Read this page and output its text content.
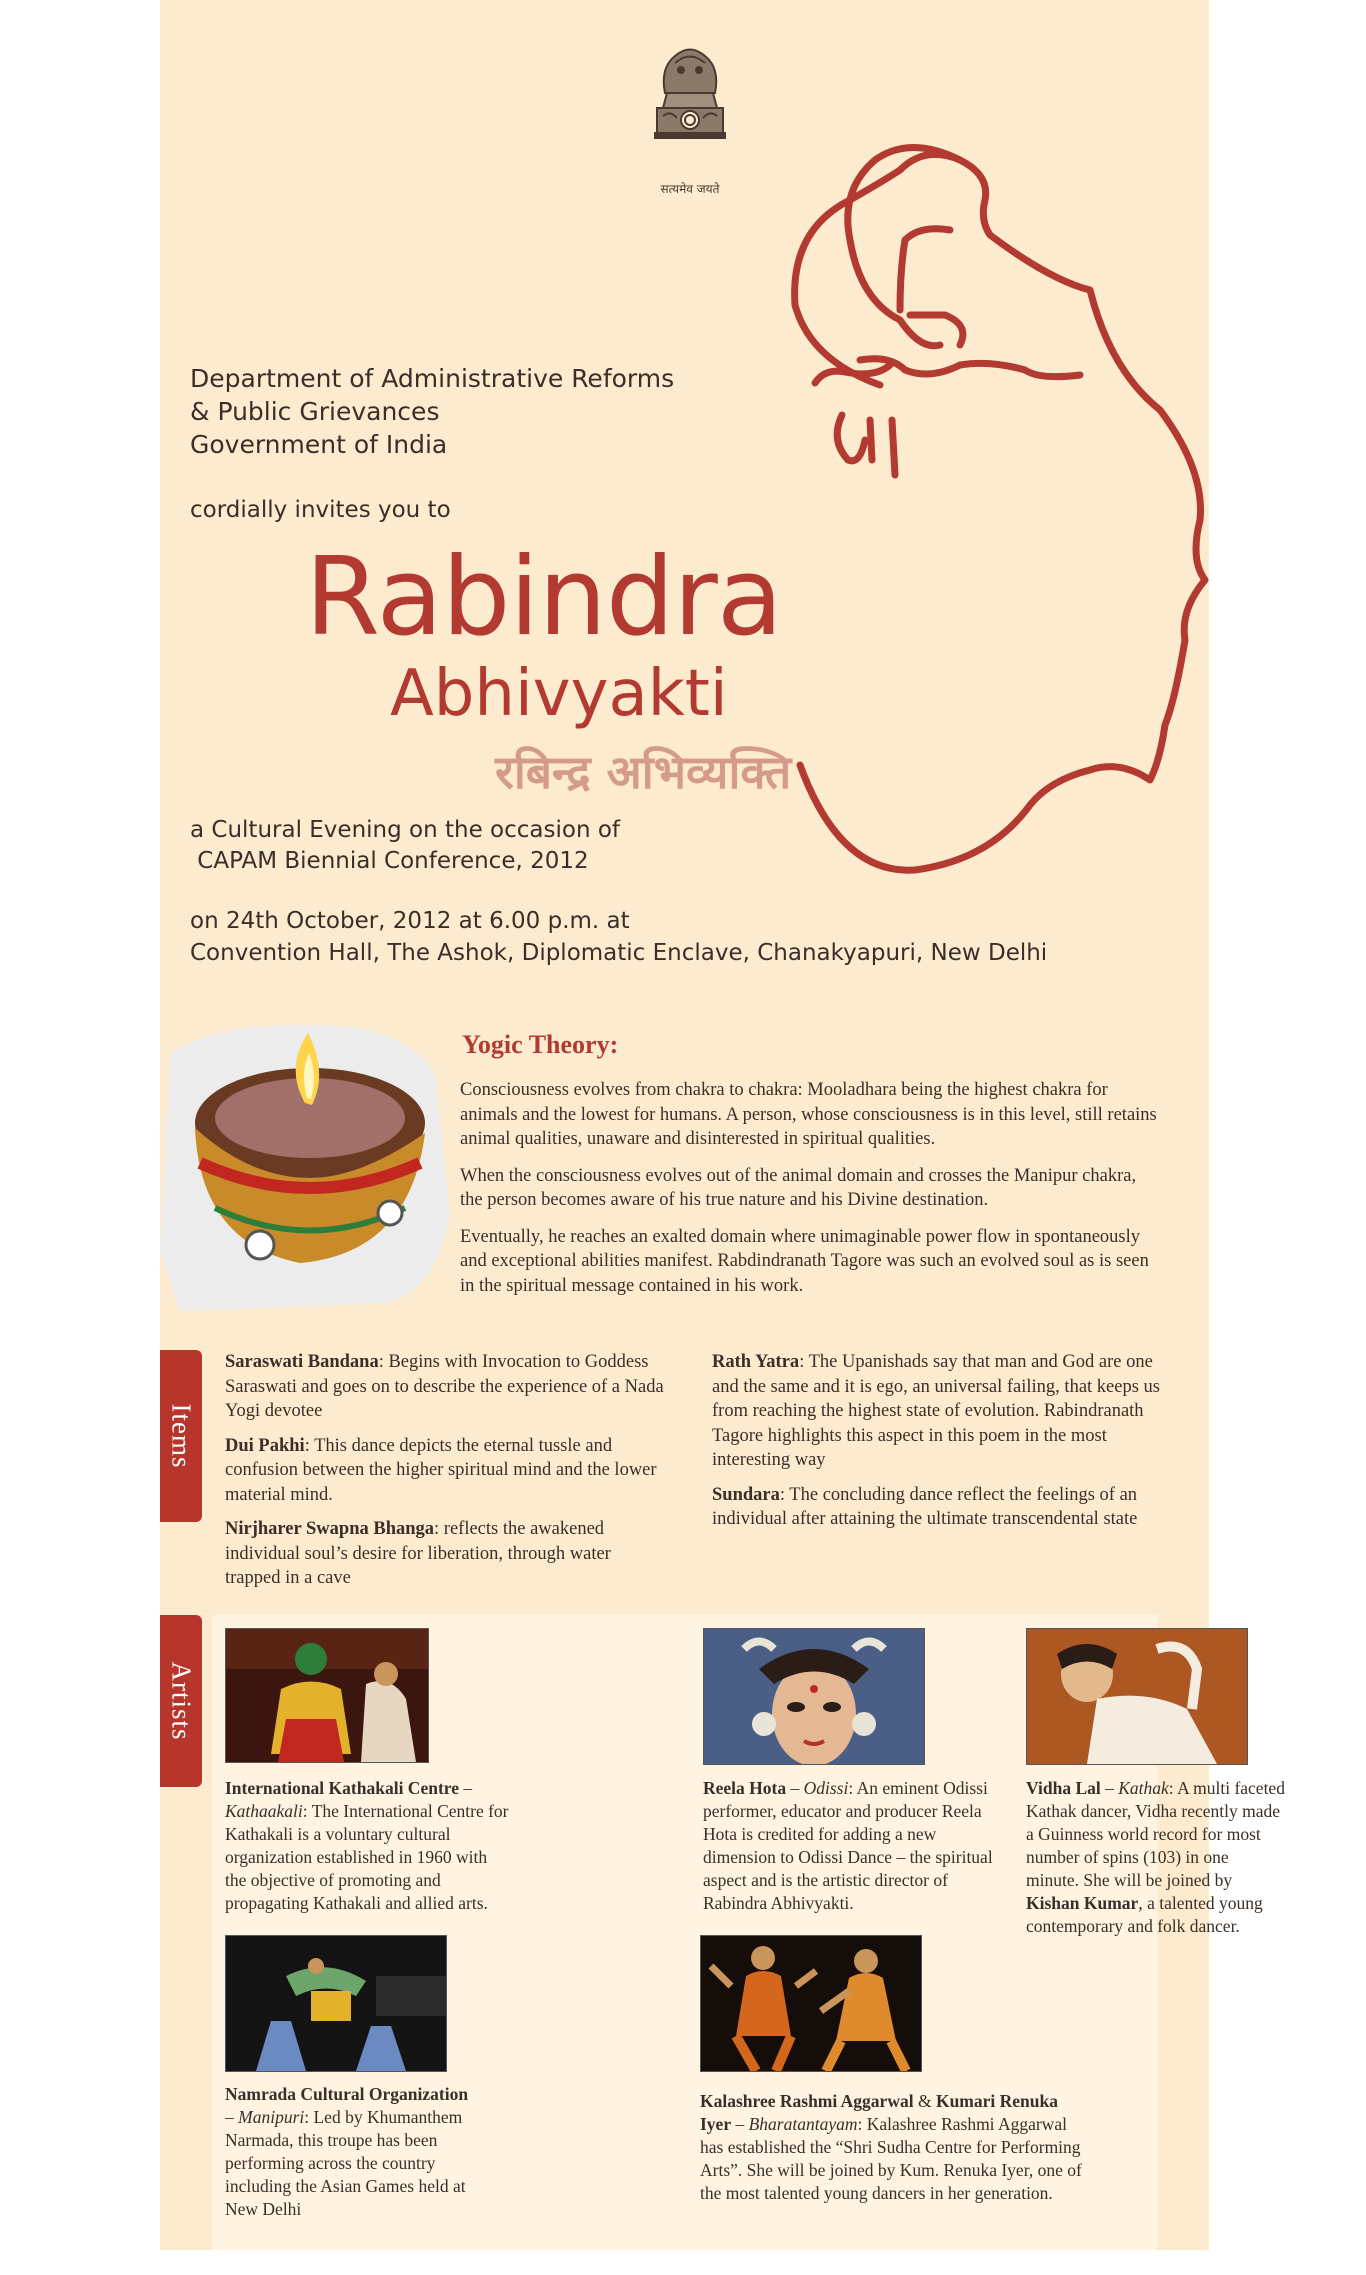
सत्यमेव जयते
Department of Administrative Reforms
& Public Grievances
Government of India
cordially invites you to
Rabindra
Abhivyakti
रबिन्द्र अभिव्यक्ति
a Cultural Evening on the occasion of
CAPAM Biennial Conference, 2012
on 24th October, 2012 at 6.00 p.m. at
Convention Hall, The Ashok, Diplomatic Enclave, Chanakyapuri, New Delhi
Yogic Theory:

Consciousness evolves from chakra to chakra: Mooladhara being the highest chakra for animals and the lowest for humans. A person, whose consciousness is in this level, still retains animal qualities, unaware and disinterested in spiritual qualities.

When the consciousness evolves out of the animal domain and crosses the Manipur chakra, the person becomes aware of his true nature and his Divine destination.

Eventually, he reaches an exalted domain where unimaginable power flow in spontaneously and exceptional abilities manifest. Rabdindranath Tagore was such an evolved soul as is seen in the spiritual message contained in his work.

Items

Saraswati Bandana: Begins with Invocation to Goddess Saraswati and goes on to describe the experience of a Nada Yogi devotee

Dui Pakhi: This dance depicts the eternal tussle and confusion between the higher spiritual mind and the lower material mind.

Nirjharer Swapna Bhanga: reflects the awakened individual soul’s desire for liberation, through water trapped in a cave

Rath Yatra: The Upanishads say that man and God are one and the same and it is ego, an universal failing, that keeps us from reaching the highest state of evolution. Rabindranath Tagore highlights this aspect in this poem in the most interesting way

Sundara: The concluding dance reflect the feelings of an individual after attaining the ultimate transcendental state

Artists
International Kathakali Centre – Kathaakali: The International Centre for Kathakali is a voluntary cultural organization established in 1960 with the objective of promoting and propagating Kathakali and allied arts.
Reela Hota – Odissi: An eminent Odissi performer, educator and producer Reela Hota is credited for adding a new dimension to Odissi Dance – the spiritual aspect and is the artistic director of Rabindra Abhivyakti.
Vidha Lal – Kathak: A multi faceted Kathak dancer, Vidha recently made a Guinness world record for most number of spins (103) in one minute. She will be joined by Kishan Kumar, a talented young contemporary and folk dancer.
Namrada Cultural Organization
– Manipuri: Led by Khumanthem Narmada, this troupe has been performing across the country including the Asian Games held at New Delhi
Kalashree Rashmi Aggarwal & Kumari Renuka Iyer – Bharatantayam: Kalashree Rashmi Aggarwal has established the “Shri Sudha Centre for Performing Arts”. She will be joined by Kum. Renuka Iyer, one of the most talented young dancers in her generation.
